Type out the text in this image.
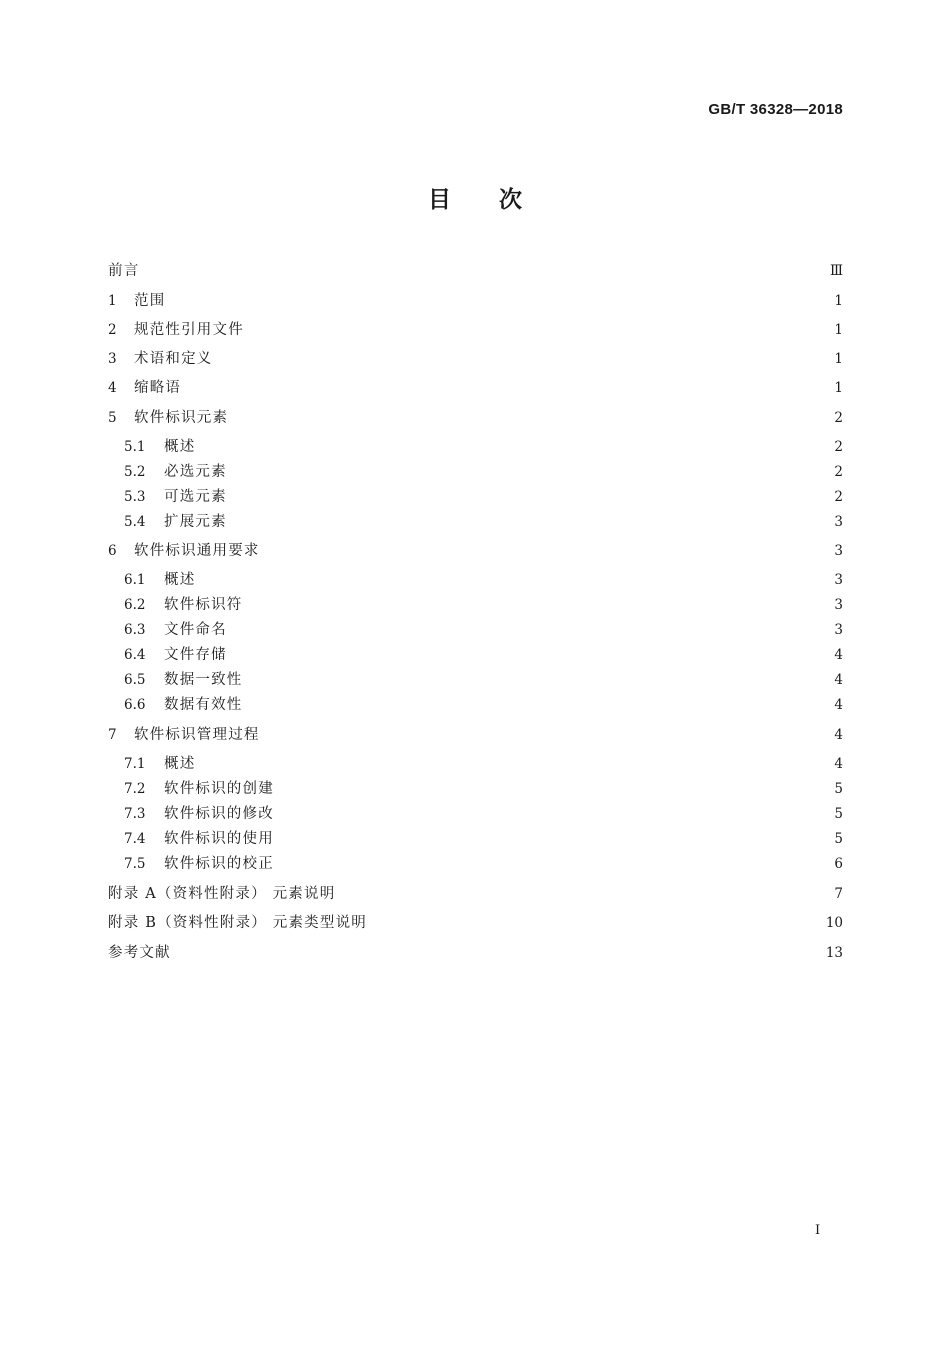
GB/T 36328—2018
目 次
前言	Ⅲ
1	范围	1
2	规范性引用文件	1
3	术语和定义	1
4	缩略语	1
5	软件标识元素	2
5.1	概述	2
5.2	必选元素	2
5.3	可选元素	2
5.4	扩展元素	3
6	软件标识通用要求	3
6.1	概述	3
6.2	软件标识符	3
6.3	文件命名	3
6.4	文件存储	4
6.5	数据一致性	4
6.6	数据有效性	4
7	软件标识管理过程	4
7.1	概述	4
7.2	软件标识的创建	5
7.3	软件标识的修改	5
7.4	软件标识的使用	5
7.5	软件标识的校正	6
附录 A（资料性附录） 元素说明	7
附录 B（资料性附录） 元素类型说明	10
参考文献	13
I
